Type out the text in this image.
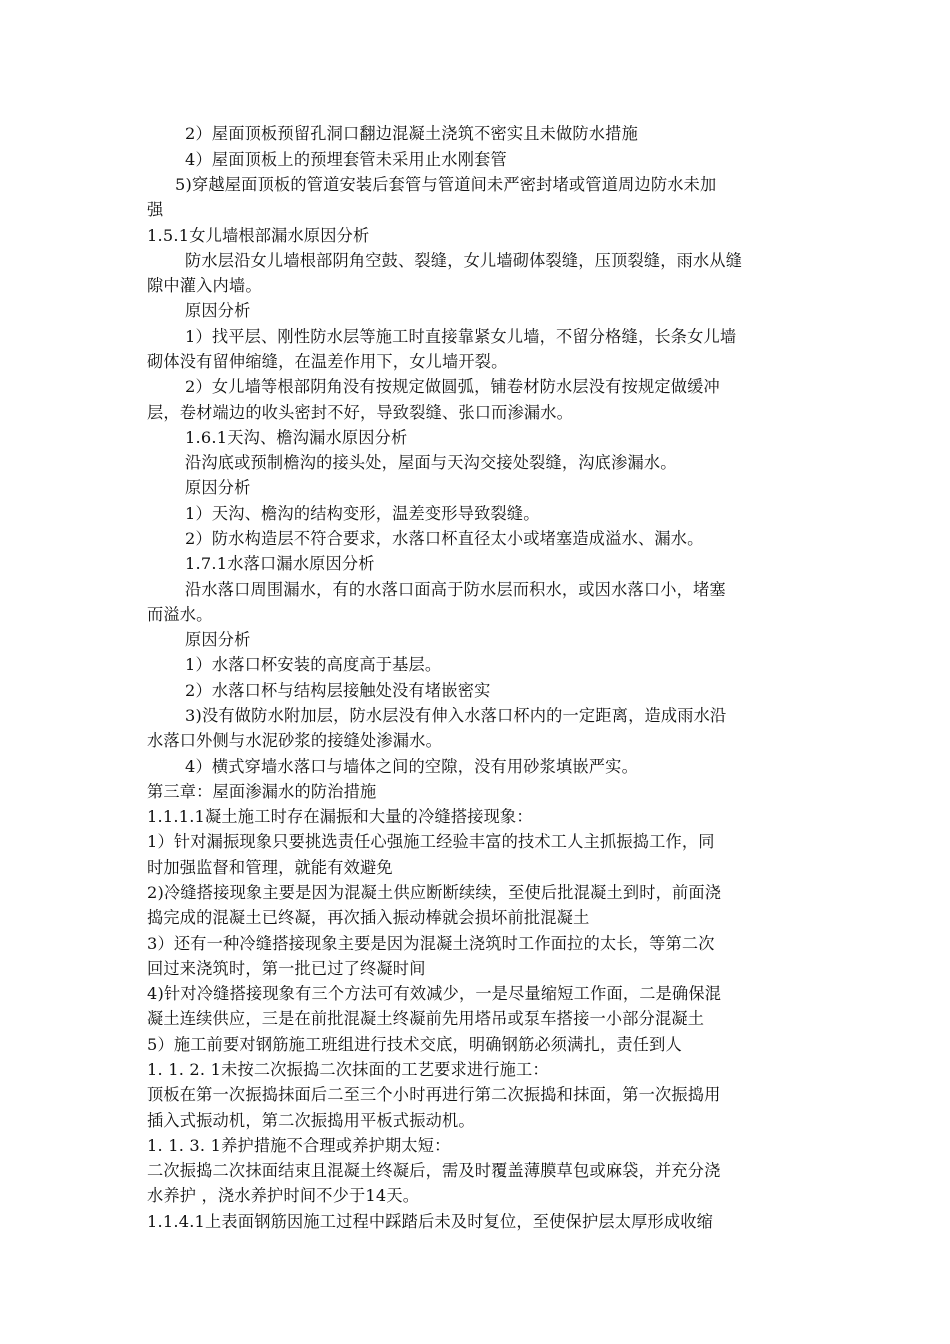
2）屋面顶板预留孔洞口翻边混凝土浇筑不密实且未做防水措施
4）屋面顶板上的预埋套管未采用止水刚套管
5)穿越屋面顶板的管道安装后套管与管道间未严密封堵或管道周边防水未加
强
1.5.1女儿墙根部漏水原因分析
防水层沿女儿墙根部阴角空鼓、裂缝，女儿墙砌体裂缝，压顶裂缝，雨水从缝
隙中灌入内墙。
原因分析
1）找平层、刚性防水层等施工时直接靠紧女儿墙，不留分格缝，长条女儿墙
砌体没有留伸缩缝，在温差作用下，女儿墙开裂。
2）女儿墙等根部阴角没有按规定做圆弧，铺卷材防水层没有按规定做缓冲
层，卷材端边的收头密封不好，导致裂缝、张口而渗漏水。
1.6.1天沟、檐沟漏水原因分析
沿沟底或预制檐沟的接头处，屋面与天沟交接处裂缝，沟底渗漏水。
原因分析
1）天沟、檐沟的结构变形，温差变形导致裂缝。
2）防水构造层不符合要求，水落口杯直径太小或堵塞造成溢水、漏水。
1.7.1水落口漏水原因分析
沿水落口周围漏水，有的水落口面高于防水层而积水，或因水落口小，堵塞
而溢水。
原因分析
1）水落口杯安装的高度高于基层。
2）水落口杯与结构层接触处没有堵嵌密实
3)没有做防水附加层，防水层没有伸入水落口杯内的一定距离，造成雨水沿
水落口外侧与水泥砂浆的接缝处渗漏水。
4）横式穿墙水落口与墙体之间的空隙，没有用砂浆填嵌严实。
第三章：屋面渗漏水的防治措施
1.1.1.1凝土施工时存在漏振和大量的冷缝搭接现象：
1）针对漏振现象只要挑选责任心强施工经验丰富的技术工人主抓振捣工作，同
时加强监督和管理，就能有效避免
2)冷缝搭接现象主要是因为混凝土供应断断续续，至使后批混凝土到时，前面浇
捣完成的混凝土已终凝，再次插入振动棒就会损坏前批混凝土
3）还有一种冷缝搭接现象主要是因为混凝土浇筑时工作面拉的太长，等第二次
回过来浇筑时，第一批已过了终凝时间
4)针对冷缝搭接现象有三个方法可有效减少，一是尽量缩短工作面，二是确保混
凝土连续供应，三是在前批混凝土终凝前先用塔吊或泵车搭接一小部分混凝土
5）施工前要对钢筋施工班组进行技术交底，明确钢筋必须满扎，责任到人
1. 1. 2. 1未按二次振捣二次抹面的工艺要求进行施工：
顶板在第一次振捣抹面后二至三个小时再进行第二次振捣和抹面，第一次振捣用
插入式振动机，第二次振捣用平板式振动机。
1. 1. 3. 1养护措施不合理或养护期太短：
二次振捣二次抹面结束且混凝土终凝后，需及时覆盖薄膜草包或麻袋，并充分浇
水养护 ，浇水养护时间不少于14天。
1.1.4.1上表面钢筋因施工过程中踩踏后未及时复位，至使保护层太厚形成收缩
